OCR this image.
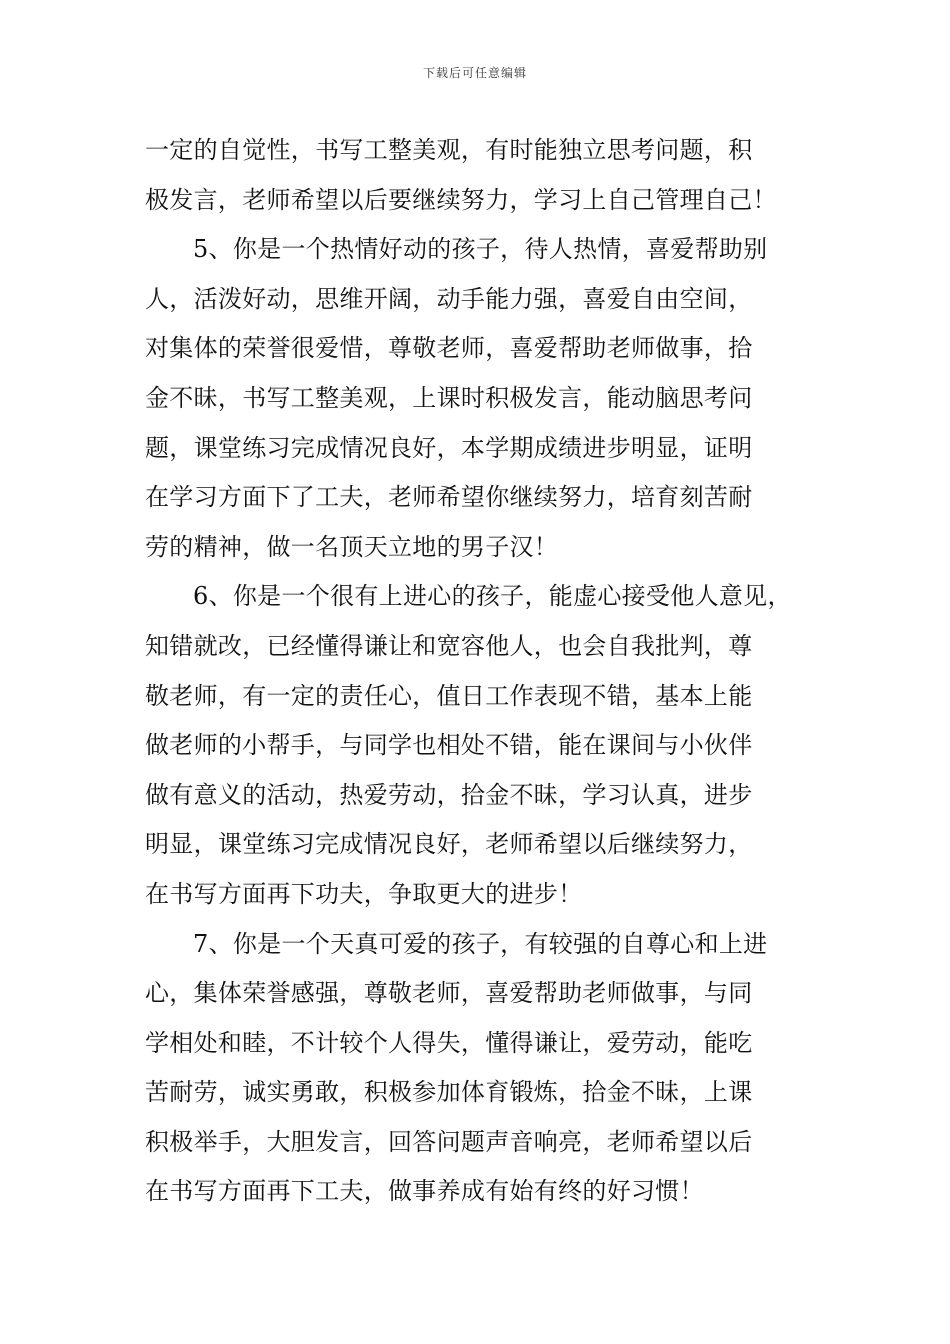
下载后可任意编辑
一定的自觉性，书写工整美观，有时能独立思考问题，积
极发言，老师希望以后要继续努力，学习上自己管理自己！
5、你是一个热情好动的孩子，待人热情，喜爱帮助别
人，活泼好动，思维开阔，动手能力强，喜爱自由空间，
对集体的荣誉很爱惜，尊敬老师，喜爱帮助老师做事，拾
金不昧，书写工整美观，上课时积极发言，能动脑思考问
题，课堂练习完成情况良好，本学期成绩进步明显，证明
在学习方面下了工夫，老师希望你继续努力，培育刻苦耐
劳的精神，做一名顶天立地的男子汉！
6、你是一个很有上进心的孩子，能虚心接受他人意见，
知错就改，已经懂得谦让和宽容他人，也会自我批判，尊
敬老师，有一定的责任心，值日工作表现不错，基本上能
做老师的小帮手，与同学也相处不错，能在课间与小伙伴
做有意义的活动，热爱劳动，拾金不昧，学习认真，进步
明显，课堂练习完成情况良好，老师希望以后继续努力，
在书写方面再下功夫，争取更大的进步！
7、你是一个天真可爱的孩子，有较强的自尊心和上进
心，集体荣誉感强，尊敬老师，喜爱帮助老师做事，与同
学相处和睦，不计较个人得失，懂得谦让，爱劳动，能吃
苦耐劳，诚实勇敢，积极参加体育锻炼，拾金不昧，上课
积极举手，大胆发言，回答问题声音响亮，老师希望以后
在书写方面再下工夫，做事养成有始有终的好习惯！
